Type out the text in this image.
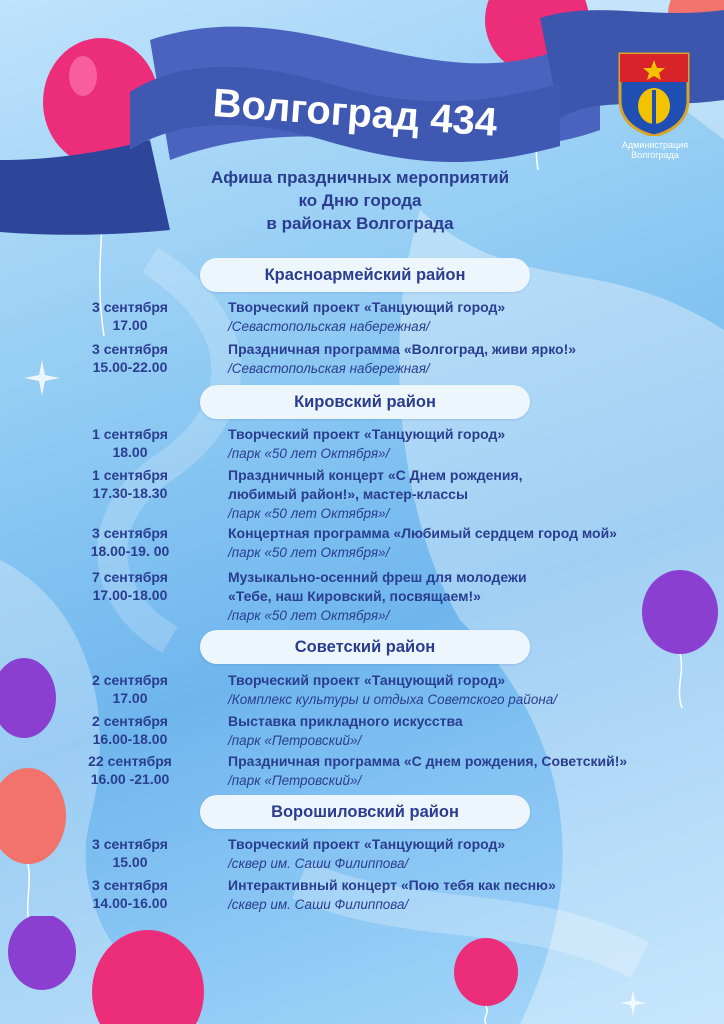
Волгоград 434
Администрация
Волгограда
Афиша праздничных мероприятий
ко Дню города
в районах Волгограда
Красноармейский район
3 сентября
17.00
Творческий проект «Танцующий город»
/Севастопольская набережная/
3 сентября
15.00-22.00
Праздничная программа «Волгоград, живи ярко!»
/Севастопольская набережная/
Кировский район
1 сентября
18.00
Творческий проект «Танцующий город»
/парк «50 лет Октября»/
1 сентября
17.30-18.30
Праздничный концерт «С Днем рождения,
любимый район!», мастер-классы
/парк «50 лет Октября»/
3 сентября
18.00-19. 00
Концертная программа «Любимый сердцем город мой»
/парк «50 лет Октября»/
7 сентября
17.00-18.00
Музыкально-осенний фреш для молодежи
«Тебе, наш Кировский, посвящаем!»
/парк «50 лет Октября»/
Советский район
2 сентября
17.00
Творческий проект «Танцующий город»
/Комплекс культуры и отдыха Советского района/
2 сентября
16.00-18.00
Выставка прикладного искусства
/парк «Петровский»/
22 сентября
16.00 -21.00
Праздничная программа «С днем рождения, Советский!»
/парк «Петровский»/
Ворошиловский район
3 сентября
15.00
Творческий проект «Танцующий город»
/сквер им. Саши Филиппова/
3 сентября
14.00-16.00
Интерактивный концерт «Пою тебя как песню»
/сквер им. Саши Филиппова/
